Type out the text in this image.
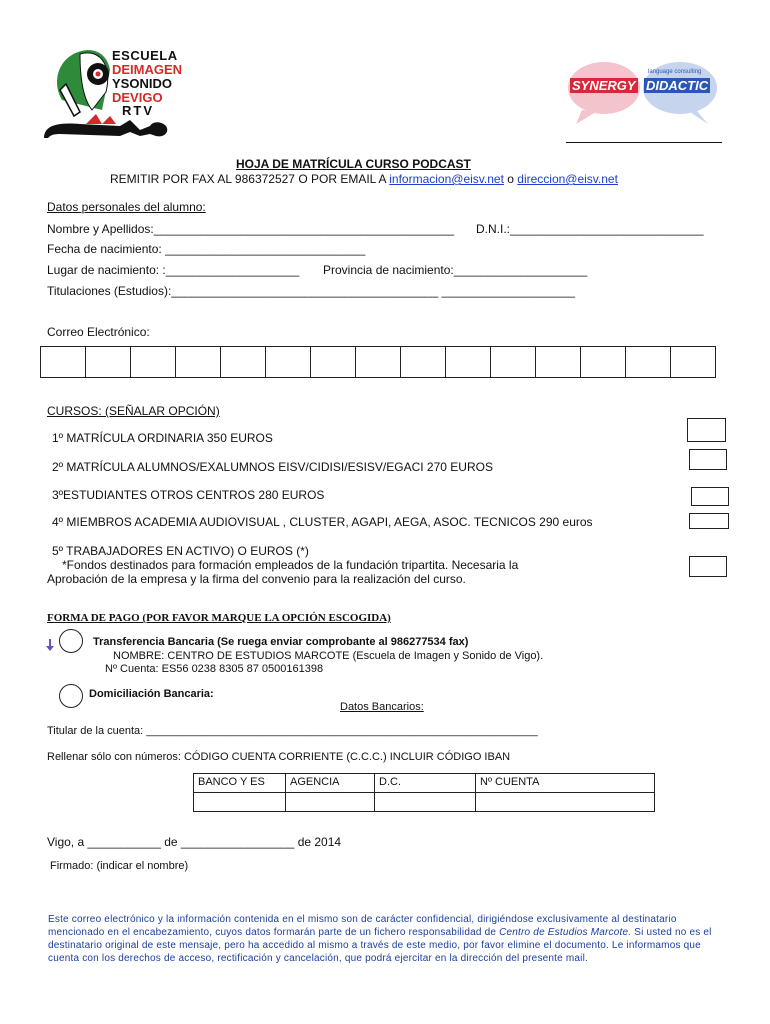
ESCUELA
DEIMAGEN
YSONIDO
DEVIGO
RTV
SYNERGY DIDACTIC
language consulting
HOJA DE MATRÍCULA CURSO PODCAST
REMITIR POR FAX AL 986372527 O POR EMAIL A informacion@eisv.net o direccion@eisv.net
Datos personales del alumno:
Nombre y Apellidos:_____________________________________________ D.N.I.:_____________________________
Fecha de nacimiento: ______________________________
Lugar de nacimiento: :____________________ Provincia de nacimiento:____________________
Titulaciones (Estudios):________________________________________ ____________________
Correo Electrónico:

CURSOS: (SEÑALAR OPCIÓN)
1º MATRÍCULA ORDINARIA 350 EUROS
2º MATRÍCULA ALUMNOS/EXALUMNOS EISV/CIDISI/ESISV/EGACI 270 EUROS
3ºESTUDIANTES OTROS CENTROS 280 EUROS
4º MIEMBROS ACADEMIA AUDIOVISUAL , CLUSTER, AGAPI, AEGA, ASOC. TECNICOS 290 euros
5º TRABAJADORES EN ACTIVO) O EUROS (*)
*Fondos destinados para formación empleados de la fundación tripartita. Necesaria la
Aprobación de la empresa y la firma del convenio para la realización del curso.
FORMA DE PAGO (POR FAVOR MARQUE LA OPCIÓN ESCOGIDA)
Transferencia Bancaria (Se ruega enviar comprobante al 986277534 fax)
NOMBRE: CENTRO DE ESTUDIOS MARCOTE (Escuela de Imagen y Sonido de Vigo).
Nº Cuenta: ES56 0238 8305 87 0500161398
Domiciliación Bancaria:
Datos Bancarios:
Titular de la cuenta: ________________________________________________________________
Rellenar sólo con números: CÓDIGO CUENTA CORRIENTE (C.C.C.) INCLUIR CÓDIGO IBAN
BANCO Y ES	AGENCIA	D.C.	Nº CUENTA

Vigo, a ___________ de _________________ de 2014
Firmado: (indicar el nombre)
Este correo electrónico y la información contenida en el mismo son de carácter confidencial, dirigiéndose exclusivamente al destinatario mencionado en el encabezamiento, cuyos datos formarán parte de un fichero responsabilidad de Centro de Estudios Marcote. Si usted no es el destinatario original de este mensaje, pero ha accedido al mismo a través de este medio, por favor elimine el documento. Le informamos que cuenta con los derechos de acceso, rectificación y cancelación, que podrá ejercitar en la dirección del presente mail.
